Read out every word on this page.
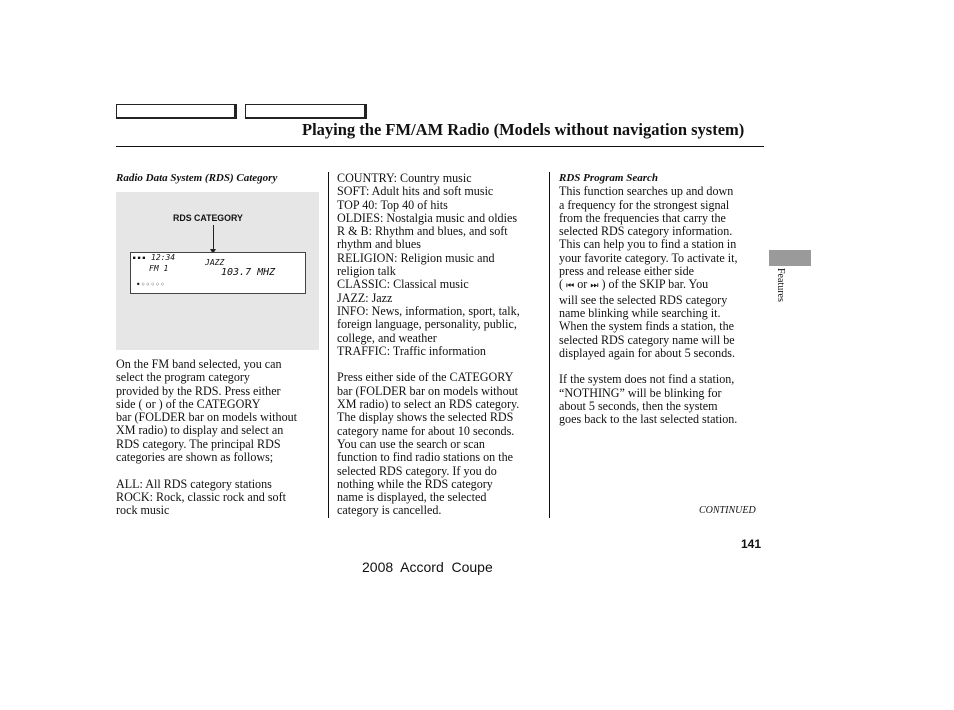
Playing the FM/AM Radio (Models without navigation system)

Radio Data System (RDS) Category

RDS CATEGORY
■ ■ ■ 12:34
FM 1
JAZZ
103.7 MHZ
● ○ ○ ○ ○ ○

On the FM band selected, you can

select the program category

provided by the RDS. Press either

side ( or ) of the CATEGORY

bar (FOLDER bar on models without

XM radio) to display and select an

RDS category. The principal RDS

categories are shown as follows;

ALL: All RDS category stations

ROCK: Rock, classic rock and soft

rock music

COUNTRY: Country music

SOFT: Adult hits and soft music

TOP 40: Top 40 of hits

OLDIES: Nostalgia music and oldies

R & B: Rhythm and blues, and soft

rhythm and blues

RELIGION: Religion music and

religion talk

CLASSIC: Classical music

JAZZ: Jazz

INFO: News, information, sport, talk,

foreign language, personality, public,

college, and weather

TRAFFIC: Traffic information

Press either side of the CATEGORY

bar (FOLDER bar on models without

XM radio) to select an RDS category.

The display shows the selected RDS

category name for about 10 seconds.

You can use the search or scan

function to find radio stations on the

selected RDS category. If you do

nothing while the RDS category

name is displayed, the selected

category is cancelled.

RDS Program Search

This function searches up and down

a frequency for the strongest signal

from the frequencies that carry the

selected RDS category information.

This can help you to find a station in

your favorite category. To activate it,

press and release either side

( ⏮ or ⏭ ) of the SKIP bar. You

will see the selected RDS category

name blinking while searching it.

When the system finds a station, the

selected RDS category name will be

displayed again for about 5 seconds.

If the system does not find a station,

“NOTHING” will be blinking for

about 5 seconds, then the system

goes back to the last selected station.

Features
CONTINUED
141
2008  Accord  Coupe
